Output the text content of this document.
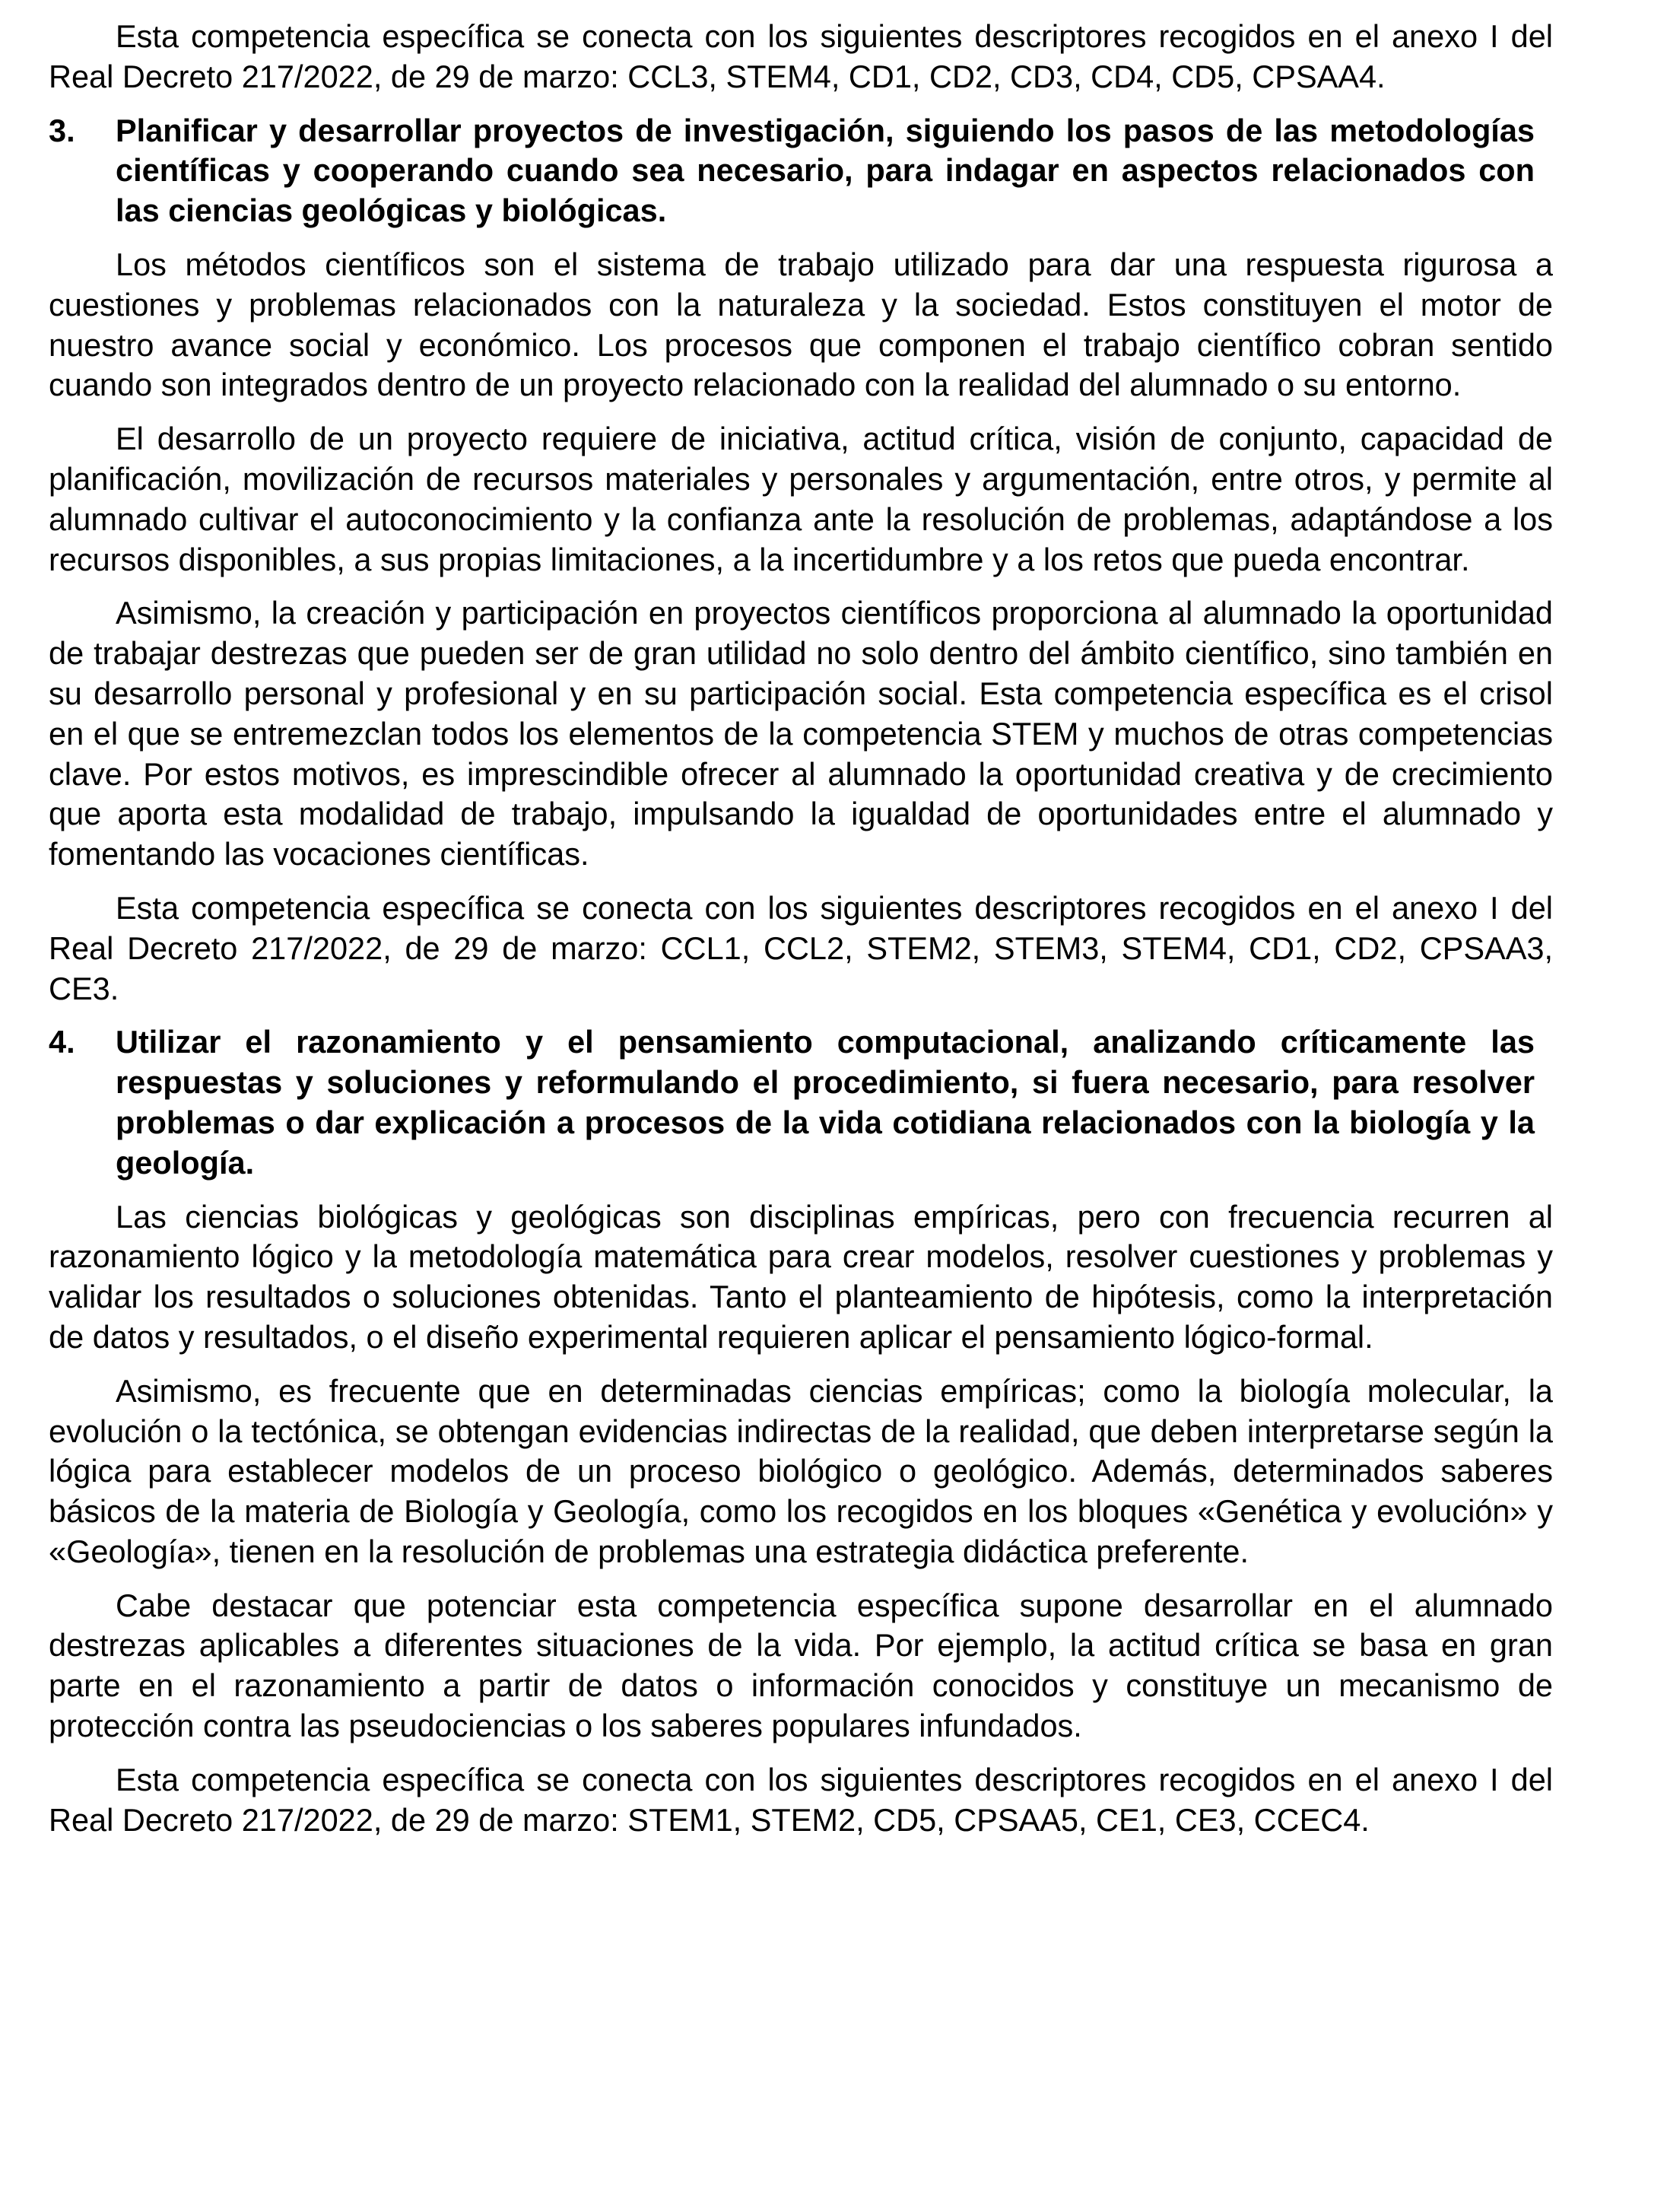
Esta competencia específica se conecta con los siguientes descriptores recogidos en el anexo I del Real Decreto 217/2022, de 29 de marzo: CCL3, STEM4, CD1, CD2, CD3, CD4, CD5, CPSAA4.

3.	Planificar y desarrollar proyectos de investigación, siguiendo los pasos de las metodologías científicas y cooperando cuando sea necesario, para indagar en aspectos relacionados con las ciencias geológicas y biológicas.

Los métodos científicos son el sistema de trabajo utilizado para dar una respuesta rigurosa a cuestiones y problemas relacionados con la naturaleza y la sociedad. Estos constituyen el motor de nuestro avance social y económico. Los procesos que componen el trabajo científico cobran sentido cuando son integrados dentro de un proyecto relacionado con la realidad del alumnado o su entorno.

El desarrollo de un proyecto requiere de iniciativa, actitud crítica, visión de conjunto, capacidad de planificación, movilización de recursos materiales y personales y argumentación, entre otros, y permite al alumnado cultivar el autoconocimiento y la confianza ante la resolución de problemas, adaptándose a los recursos disponibles, a sus propias limitaciones, a la incertidumbre y a los retos que pueda encontrar.

Asimismo, la creación y participación en proyectos científicos proporciona al alumnado la oportunidad de trabajar destrezas que pueden ser de gran utilidad no solo dentro del ámbito científico, sino también en su desarrollo personal y profesional y en su participación social. Esta competencia específica es el crisol en el que se entremezclan todos los elementos de la competencia STEM y muchos de otras competencias clave. Por estos motivos, es imprescindible ofrecer al alumnado la oportunidad creativa y de crecimiento que aporta esta modalidad de trabajo, impulsando la igualdad de oportunidades entre el alumnado y fomentando las vocaciones científicas.

Esta competencia específica se conecta con los siguientes descriptores recogidos en el anexo I del Real Decreto 217/2022, de 29 de marzo: CCL1, CCL2, STEM2, STEM3, STEM4, CD1, CD2, CPSAA3, CE3.

4.	Utilizar el razonamiento y el pensamiento computacional, analizando críticamente las respuestas y soluciones y reformulando el procedimiento, si fuera necesario, para resolver problemas o dar explicación a procesos de la vida cotidiana relacionados con la biología y la geología.

Las ciencias biológicas y geológicas son disciplinas empíricas, pero con frecuencia recurren al razonamiento lógico y la metodología matemática para crear modelos, resolver cuestiones y problemas y validar los resultados o soluciones obtenidas. Tanto el planteamiento de hipótesis, como la interpretación de datos y resultados, o el diseño experimental requieren aplicar el pensamiento lógico-formal.

Asimismo, es frecuente que en determinadas ciencias empíricas; como la biología molecular, la evolución o la tectónica, se obtengan evidencias indirectas de la realidad, que deben interpretarse según la lógica para establecer modelos de un proceso biológico o geológico. Además, determinados saberes básicos de la materia de Biología y Geología, como los recogidos en los bloques «Genética y evolución» y «Geología», tienen en la resolución de problemas una estrategia didáctica preferente.

Cabe destacar que potenciar esta competencia específica supone desarrollar en el alumnado destrezas aplicables a diferentes situaciones de la vida. Por ejemplo, la actitud crítica se basa en gran parte en el razonamiento a partir de datos o información conocidos y constituye un mecanismo de protección contra las pseudociencias o los saberes populares infundados.

Esta competencia específica se conecta con los siguientes descriptores recogidos en el anexo I del Real Decreto 217/2022, de 29 de marzo: STEM1, STEM2, CD5, CPSAA5, CE1, CE3, CCEC4.
